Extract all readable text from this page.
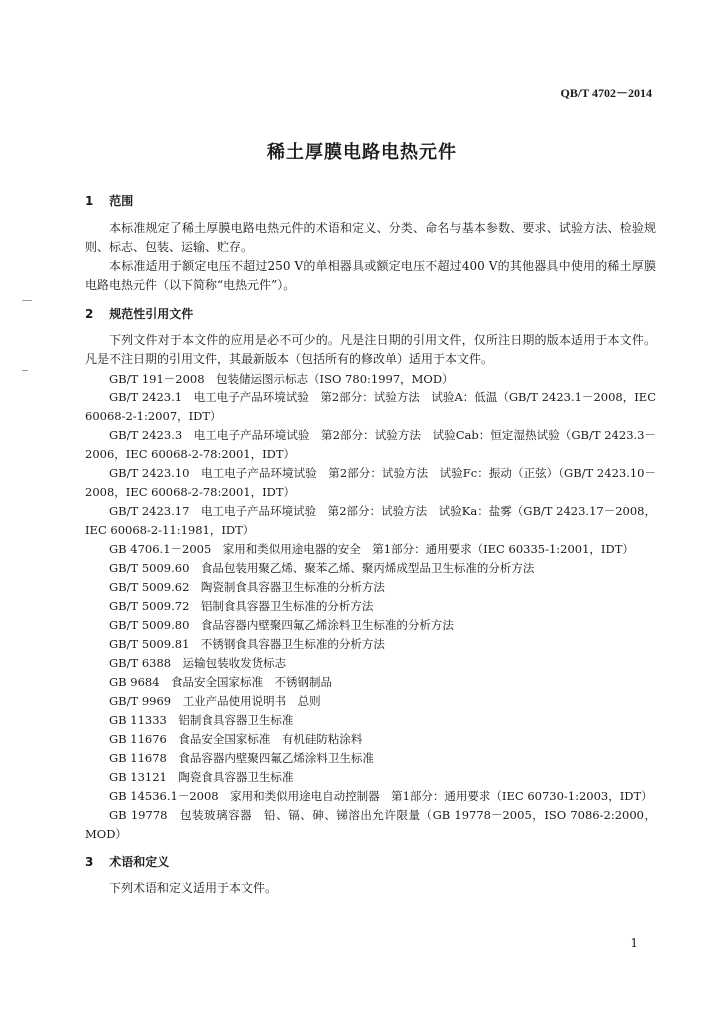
QB/T 4702－2014
稀土厚膜电路电热元件
1 范围
本标准规定了稀土厚膜电路电热元件的术语和定义、分类、命名与基本参数、要求、试验方法、检验规则、标志、包装、运输、贮存。
本标准适用于额定电压不超过250 V的单相器具或额定电压不超过400 V的其他器具中使用的稀土厚膜电路电热元件（以下简称“电热元件”）。
2 规范性引用文件
下列文件对于本文件的应用是必不可少的。凡是注日期的引用文件，仅所注日期的版本适用于本文件。凡是不注日期的引用文件，其最新版本（包括所有的修改单）适用于本文件。
GB/T 191－2008　包装储运图示标志（ISO 780:1997，MOD）
GB/T 2423.1　电工电子产品环境试验　第2部分：试验方法　试验A：低温（GB/T 2423.1－2008，IEC 60068-2-1:2007，IDT）
GB/T 2423.3　电工电子产品环境试验　第2部分：试验方法　试验Cab：恒定湿热试验（GB/T 2423.3－2006，IEC 60068-2-78:2001，IDT）
GB/T 2423.10　电工电子产品环境试验　第2部分：试验方法　试验Fc：振动（正弦）（GB/T 2423.10－2008，IEC 60068-2-78:2001，IDT）
GB/T 2423.17　电工电子产品环境试验　第2部分：试验方法　试验Ka：盐雾（GB/T 2423.17－2008，IEC 60068-2-11:1981，IDT）
GB 4706.1－2005　家用和类似用途电器的安全　第1部分：通用要求（IEC 60335-1:2001，IDT）
GB/T 5009.60　食品包装用聚乙烯、聚苯乙烯、聚丙烯成型品卫生标准的分析方法
GB/T 5009.62　陶瓷制食具容器卫生标准的分析方法
GB/T 5009.72　铝制食具容器卫生标准的分析方法
GB/T 5009.80　食品容器内壁聚四氟乙烯涂料卫生标准的分析方法
GB/T 5009.81　不锈钢食具容器卫生标准的分析方法
GB/T 6388　运输包装收发货标志
GB 9684　食品安全国家标准　不锈钢制品
GB/T 9969　工业产品使用说明书　总则
GB 11333　铝制食具容器卫生标准
GB 11676　食品安全国家标准　有机硅防粘涂料
GB 11678　食品容器内壁聚四氟乙烯涂料卫生标准
GB 13121　陶瓷食具容器卫生标准
GB 14536.1－2008　家用和类似用途电自动控制器　第1部分：通用要求（IEC 60730-1:2003，IDT）
GB 19778　包装玻璃容器　铅、镉、砷、锑溶出允许限量（GB 19778－2005，ISO 7086-2:2000，MOD）
3 术语和定义
下列术语和定义适用于本文件。
1
